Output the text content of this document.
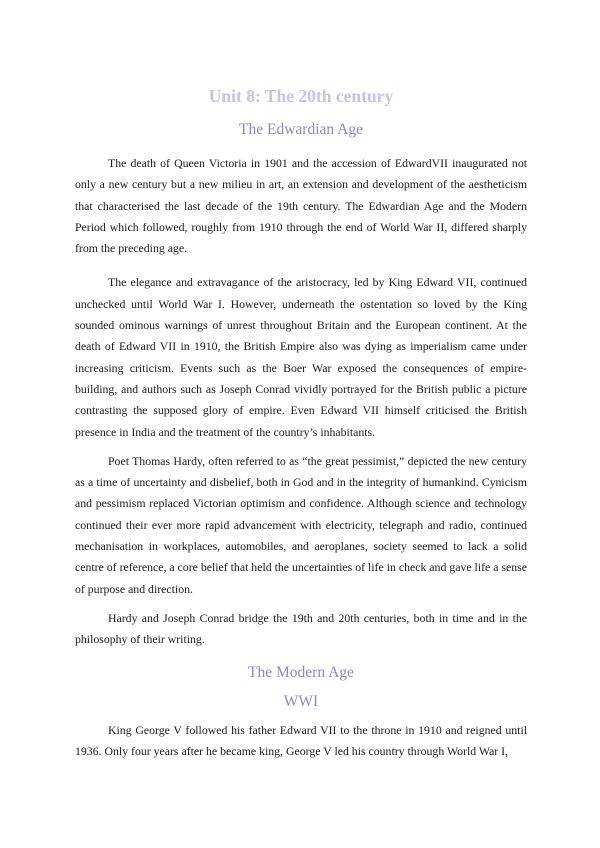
Unit 8: The 20th century
The Edwardian Age

The death of Queen Victoria in 1901 and the accession of EdwardVII inaugurated not only a new century but a new milieu in art, an extension and development of the aestheticism that characterised the last decade of the 19th century. The Edwardian Age and the Modern Period which followed, roughly from 1910 through the end of World War II, differed sharply from the preceding age.

The elegance and extravagance of the aristocracy, led by King Edward VII, continued unchecked until World War I. However, underneath the ostentation so loved by the King sounded ominous warnings of unrest throughout Britain and the European continent. At the death of Edward VII in 1910, the British Empire also was dying as imperialism came under increasing criticism. Events such as the Boer War exposed the consequences of empire-building, and authors such as Joseph Conrad vividly portrayed for the British public a picture contrasting the supposed glory of empire. Even Edward VII himself criticised the British presence in India and the treatment of the country’s inhabitants.

Poet Thomas Hardy, often referred to as “the great pessimist,” depicted the new century as a time of uncertainty and disbelief, both in God and in the integrity of humankind. Cynicism and pessimism replaced Victorian optimism and confidence. Although science and technology continued their ever more rapid advancement with electricity, telegraph and radio, continued mechanisation in workplaces, automobiles, and aeroplanes, society seemed to lack a solid centre of reference, a core belief that held the uncertainties of life in check and gave life a sense of purpose and direction.

Hardy and Joseph Conrad bridge the 19th and 20th centuries, both in time and in the philosophy of their writing.

The Modern Age
WWI

King George V followed his father Edward VII to the throne in 1910 and reigned until 1936. Only four years after he became king, George V led his country through World War I,
